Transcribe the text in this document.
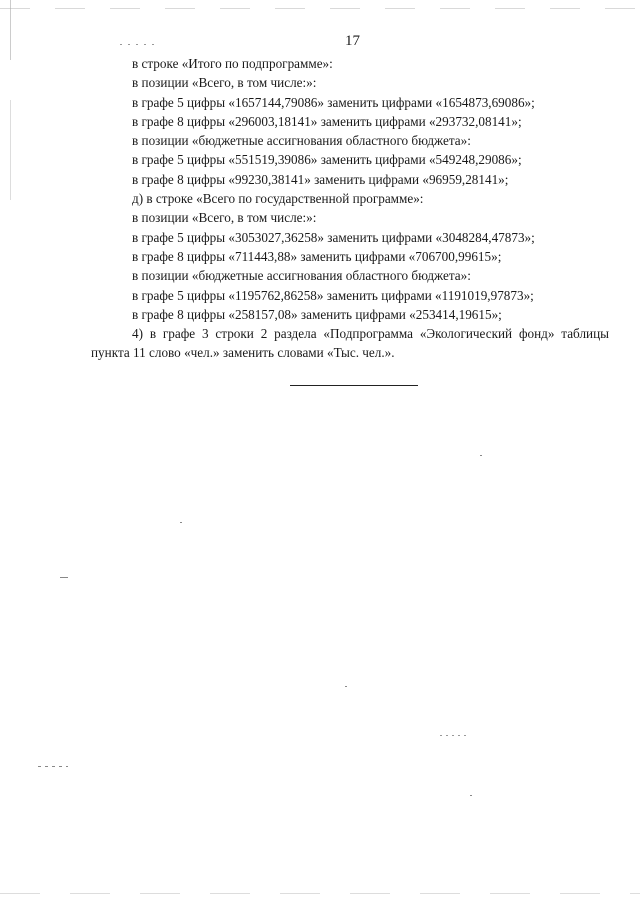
17
в строке «Итого по подпрограмме»:
в позиции «Всего, в том числе:»:
в графе 5 цифры «1657144,79086» заменить цифрами «1654873,69086»;
в графе 8 цифры «296003,18141» заменить цифрами «293732,08141»;
в позиции «бюджетные ассигнования областного бюджета»:
в графе 5 цифры «551519,39086» заменить цифрами «549248,29086»;
в графе 8 цифры «99230,38141» заменить цифрами «96959,28141»;
д) в строке «Всего по государственной программе»:
в позиции «Всего, в том числе:»:
в графе 5 цифры «3053027,36258» заменить цифрами «3048284,47873»;
в графе 8 цифры «711443,88» заменить цифрами «706700,99615»;
в позиции «бюджетные ассигнования областного бюджета»:
в графе 5 цифры «1195762,86258» заменить цифрами «1191019,97873»;
в графе 8 цифры «258157,08» заменить цифрами «253414,19615»;

4) в графе 3 строки 2 раздела «Подпрограмма «Экологический фонд» таблицы пункта 11 слово «чел.» заменить словами «Тыс. чел.».
